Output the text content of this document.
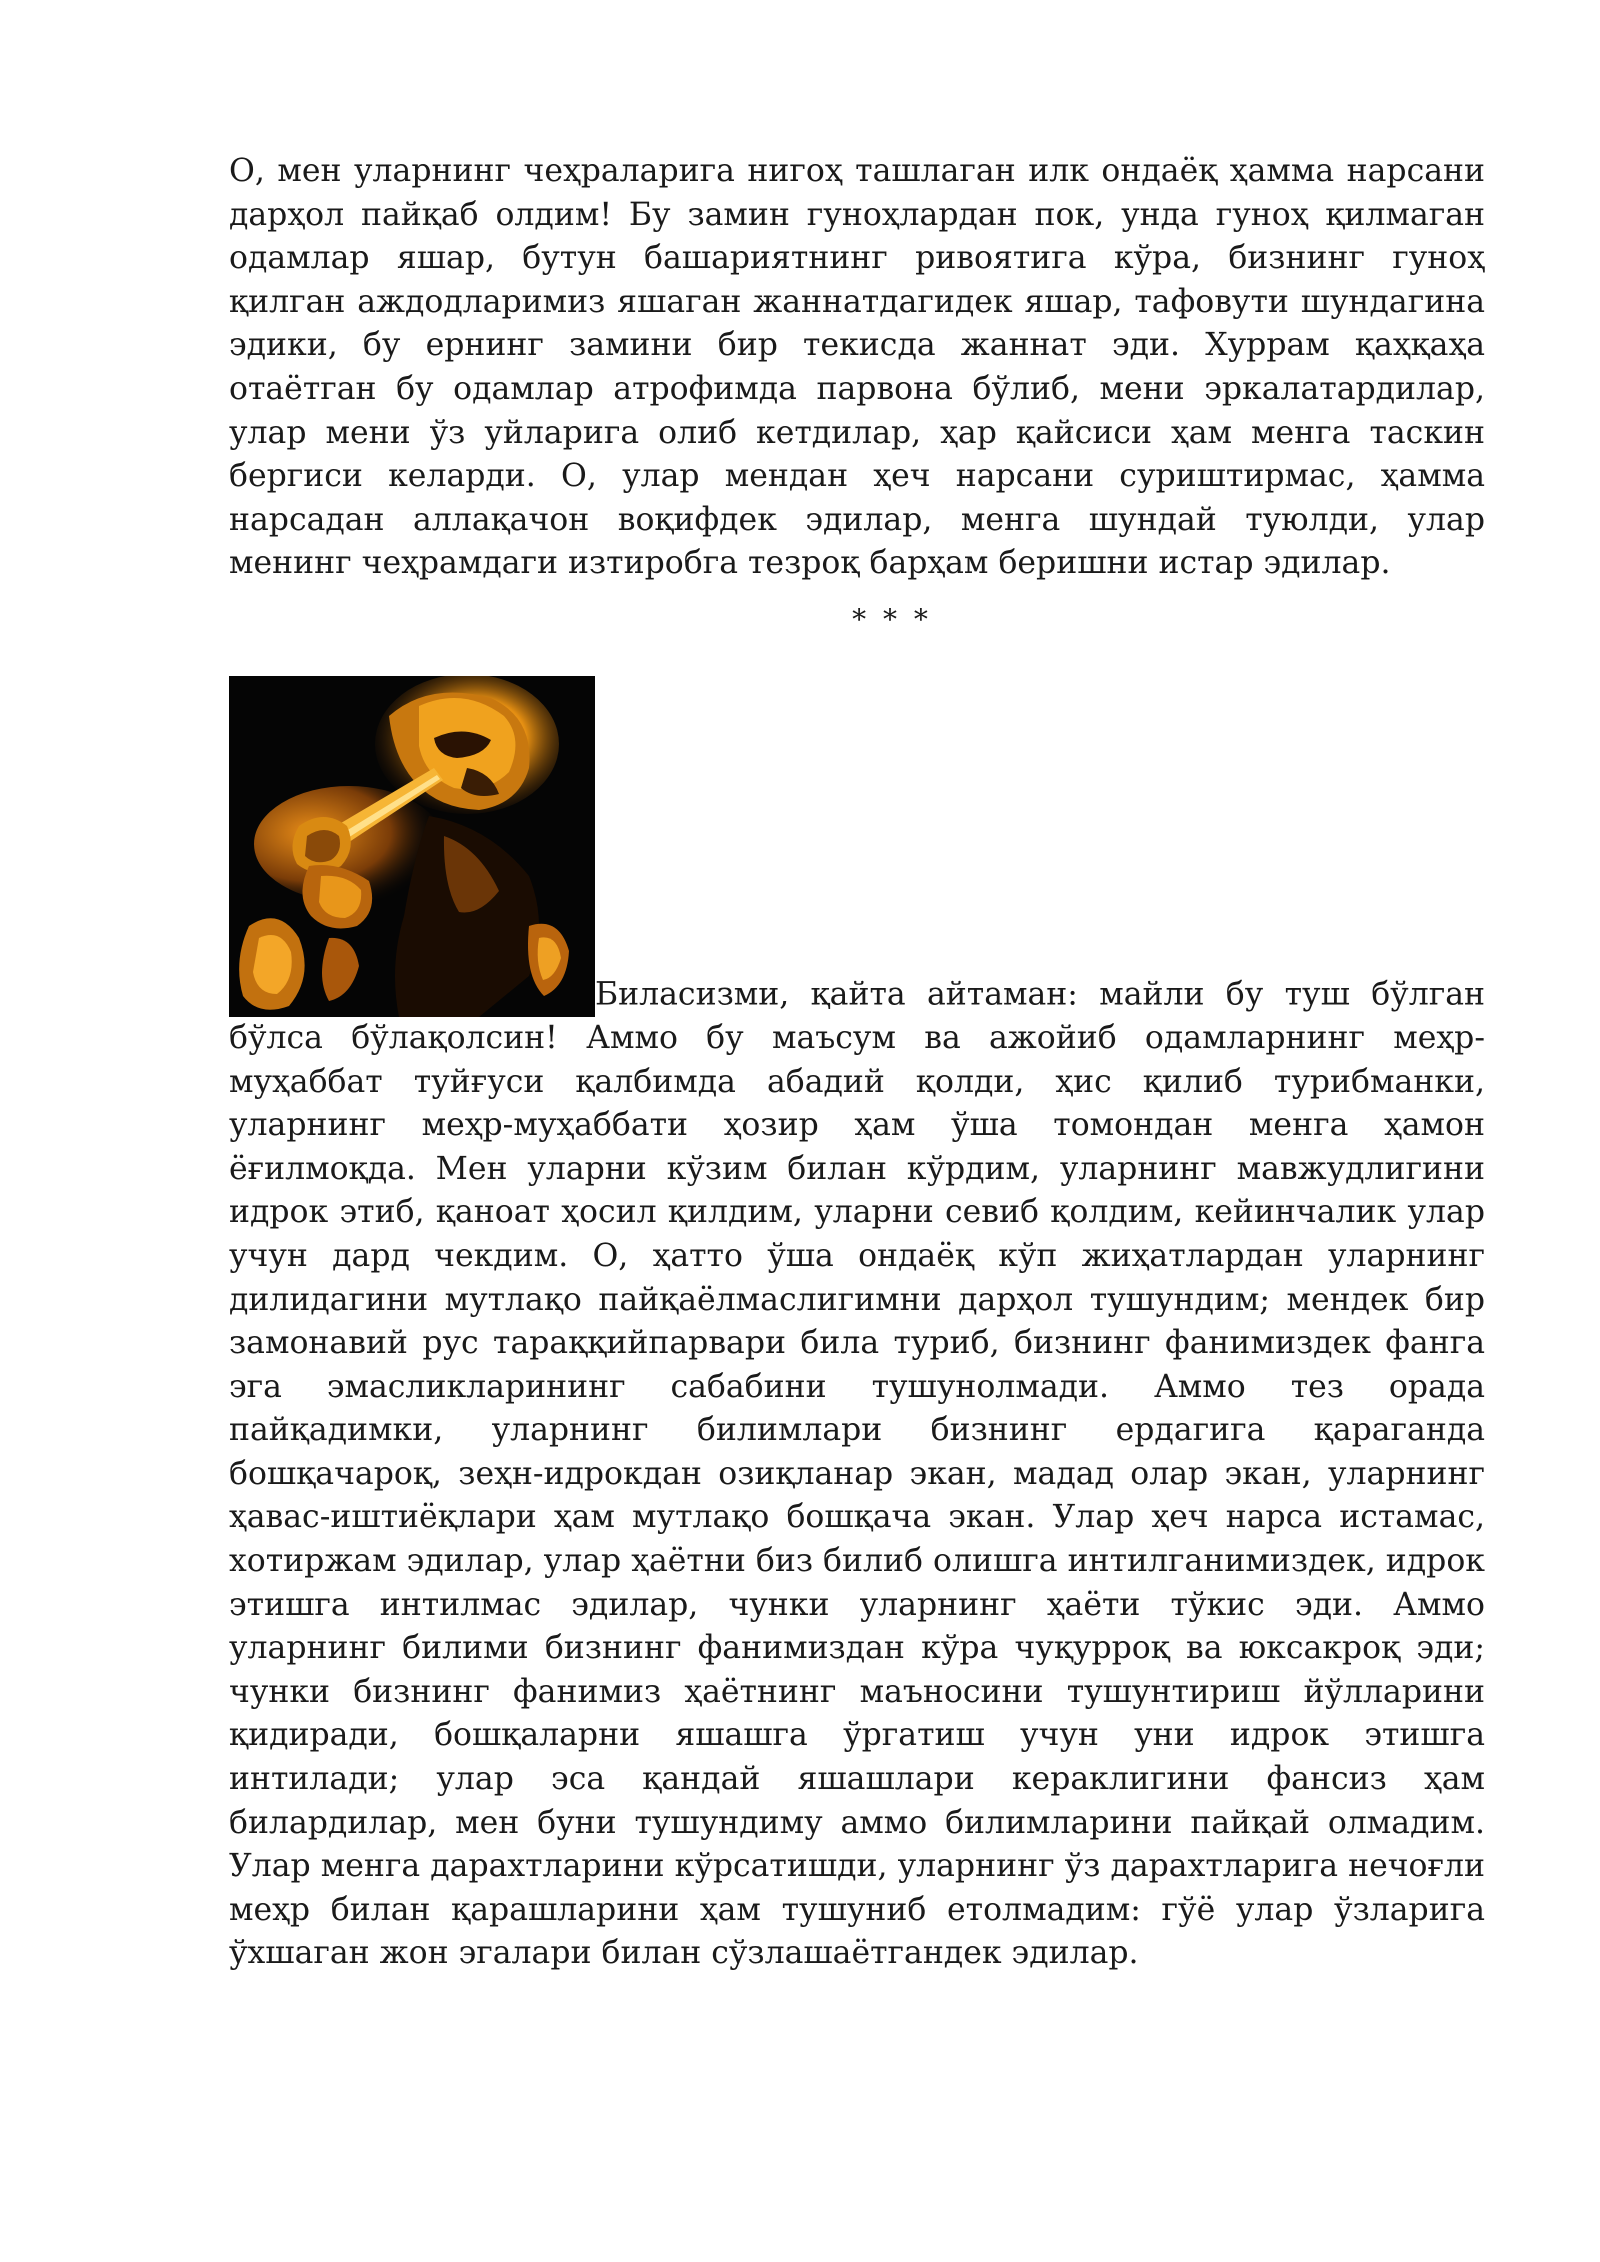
О, мен уларнинг чеҳраларига нигоҳ ташлаган илк ондаёқ ҳамма нарсани дарҳол пайқаб олдим! Бу замин гуноҳлардан пок, унда гуноҳ қилмаган одамлар яшар, бутун башариятнинг ривоятига кўра, бизнинг гуноҳ қилган аждодларимиз яшаган жаннатдагидек яшар, тафовути шундагина эдики, бу ернинг замини бир текисда жаннат эди. Хуррам қаҳқаҳа отаётган бу одамлар атрофимда парвона бўлиб, мени эркалатардилар, улар мени ўз уйларига олиб кетдилар, ҳар қайсиси ҳам менга таскин бергиси келарди. О, улар мендан ҳеч нарсани суриштирмас, ҳамма нарсадан аллақачон воқифдек эдилар, менга шундай туюлди, улар менинг чеҳрамдаги изтиробга тезроқ барҳам беришни истар эдилар.

* * *

Биласизми, қайта айтаман: майли бу туш бўлган бўлса бўлақолсин! Аммо бу маъсум ва ажойиб одамларнинг меҳр-муҳаббат туйғуси қалбимда абадий қолди, ҳис қилиб турибманки, уларнинг меҳр-муҳаббати ҳозир ҳам ўша томондан менга ҳамон ёғилмоқда. Мен уларни кўзим билан кўрдим, уларнинг мавжудлигини идрок этиб, қаноат ҳосил қилдим, уларни севиб қолдим, кейинчалик улар учун дард чекдим. О, ҳатто ўша ондаёқ кўп жиҳатлардан уларнинг дилидагини мутлақо пайқаёлмаслигимни дарҳол тушундим; мендек бир замонавий рус тараққийпарвари била туриб, бизнинг фанимиздек фанга эга эмасликларининг сабабини тушунолмади. Аммо тез орада пайқадимки, уларнинг билимлари бизнинг ердагига қараганда бошқачароқ, зеҳн-идрокдан озиқланар экан, мадад олар экан, уларнинг ҳавас-иштиёқлари ҳам мутлақо бошқача экан. Улар ҳеч нарса истамас, хотиржам эдилар, улар ҳаётни биз билиб олишга интилганимиздек, идрок этишга интилмас эдилар, чунки уларнинг ҳаёти тўкис эди. Аммо уларнинг билими бизнинг фанимиздан кўра чуқурроқ ва юксакроқ эди; чунки бизнинг фанимиз ҳаётнинг маъносини тушунтириш йўлларини қидиради, бошқаларни яшашга ўргатиш учун уни идрок этишга интилади; улар эса қандай яшашлари кераклигини фансиз ҳам билардилар, мен буни тушундиму аммо билимларини пайқай олмадим. Улар менга дарахтларини кўрсатишди, уларнинг ўз дарахтларига нечоғли меҳр билан қарашларини ҳам тушуниб етолмадим: гўё улар ўзларига ўхшаган жон эгалари билан сўзлашаётгандек эдилар.
